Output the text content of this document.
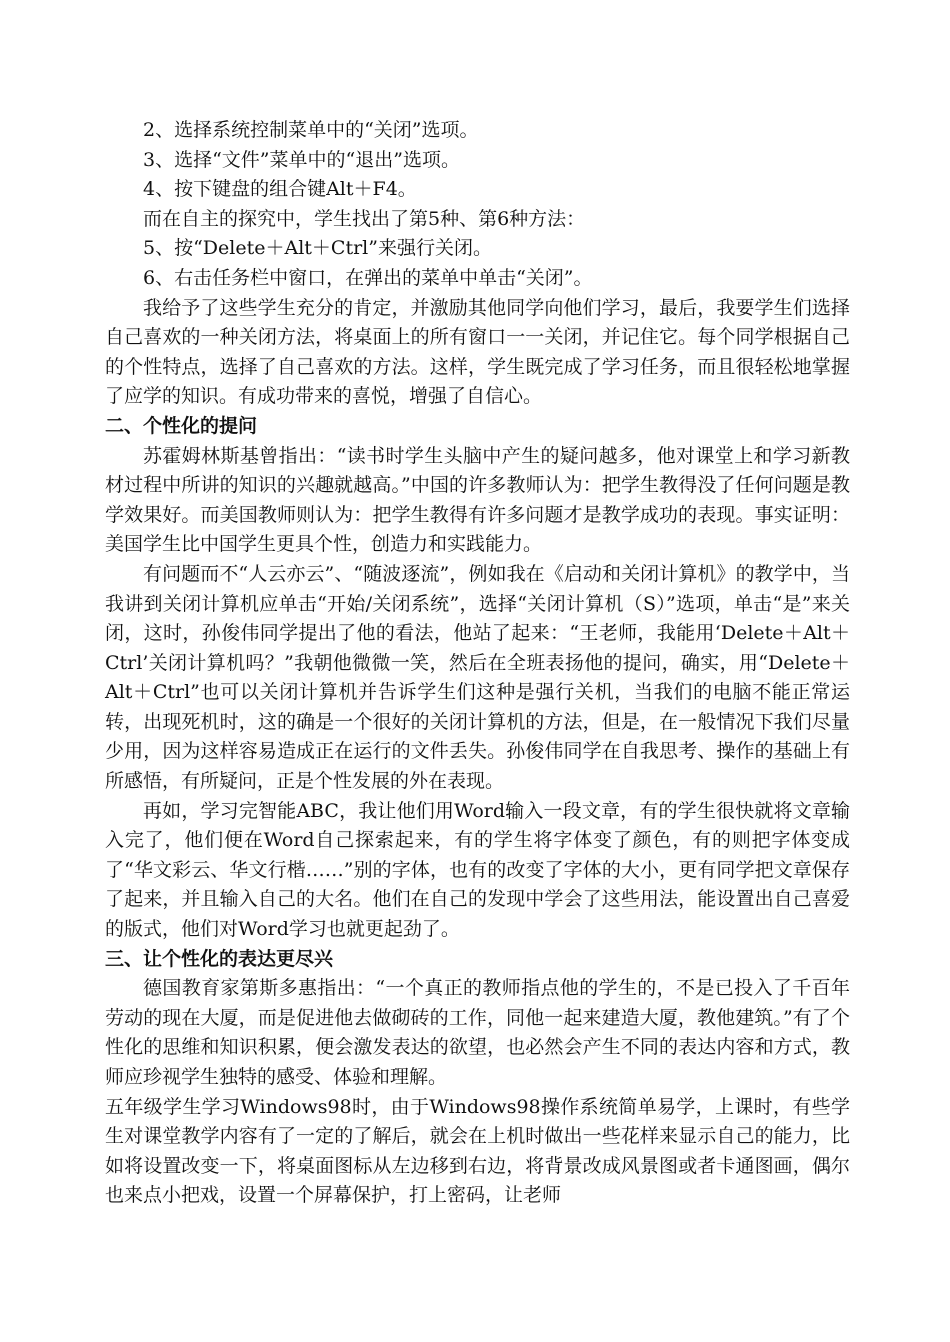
2、选择系统控制菜单中的“关闭”选项。

3、选择“文件”菜单中的“退出”选项。

4、按下键盘的组合键Alt＋F4。

而在自主的探究中，学生找出了第5种、第6种方法：

5、按“Delete＋Alt＋Ctrl”来强行关闭。

6、右击任务栏中窗口，在弹出的菜单中单击“关闭”。

我给予了这些学生充分的肯定，并激励其他同学向他们学习，最后，我要学生们选择自己喜欢的一种关闭方法，将桌面上的所有窗口一一关闭，并记住它。每个同学根据自己的个性特点，选择了自己喜欢的方法。这样，学生既完成了学习任务，而且很轻松地掌握了应学的知识。有成功带来的喜悦，增强了自信心。

二、个性化的提问

苏霍姆林斯基曾指出：“读书时学生头脑中产生的疑问越多，他对课堂上和学习新教材过程中所讲的知识的兴趣就越高。”中国的许多教师认为：把学生教得没了任何问题是教学效果好。而美国教师则认为：把学生教得有许多问题才是教学成功的表现。事实证明：美国学生比中国学生更具个性，创造力和实践能力。

有问题而不“人云亦云”、“随波逐流”，例如我在《启动和关闭计算机》的教学中，当我讲到关闭计算机应单击“开始/关闭系统”，选择“关闭计算机（S）”选项，单击“是”来关闭，这时，孙俊伟同学提出了他的看法，他站了起来：“王老师，我能用‘Delete＋Alt＋Ctrl’关闭计算机吗？”我朝他微微一笑，然后在全班表扬他的提问，确实，用“Delete＋Alt＋Ctrl”也可以关闭计算机并告诉学生们这种是强行关机，当我们的电脑不能正常运转，出现死机时，这的确是一个很好的关闭计算机的方法，但是，在一般情况下我们尽量少用，因为这样容易造成正在运行的文件丢失。孙俊伟同学在自我思考、操作的基础上有所感悟，有所疑问，正是个性发展的外在表现。

再如，学习完智能ABC，我让他们用Word输入一段文章，有的学生很快就将文章输入完了，他们便在Word自己探索起来，有的学生将字体变了颜色，有的则把字体变成了“华文彩云、华文行楷……”别的字体，也有的改变了字体的大小，更有同学把文章保存了起来，并且输入自己的大名。他们在自己的发现中学会了这些用法，能设置出自己喜爱的版式，他们对Word学习也就更起劲了。

三、让个性化的表达更尽兴

德国教育家第斯多惠指出：“一个真正的教师指点他的学生的，不是已投入了千百年劳动的现在大厦，而是促进他去做砌砖的工作，同他一起来建造大厦，教他建筑。”有了个性化的思维和知识积累，便会激发表达的欲望，也必然会产生不同的表达内容和方式，教师应珍视学生独特的感受、体验和理解。

五年级学生学习Windows98时，由于Windows98操作系统简单易学，上课时，有些学生对课堂教学内容有了一定的了解后，就会在上机时做出一些花样来显示自己的能力，比如将设置改变一下，将桌面图标从左边移到右边，将背景改成风景图或者卡通图画，偶尔也来点小把戏，设置一个屏幕保护，打上密码，让老师
